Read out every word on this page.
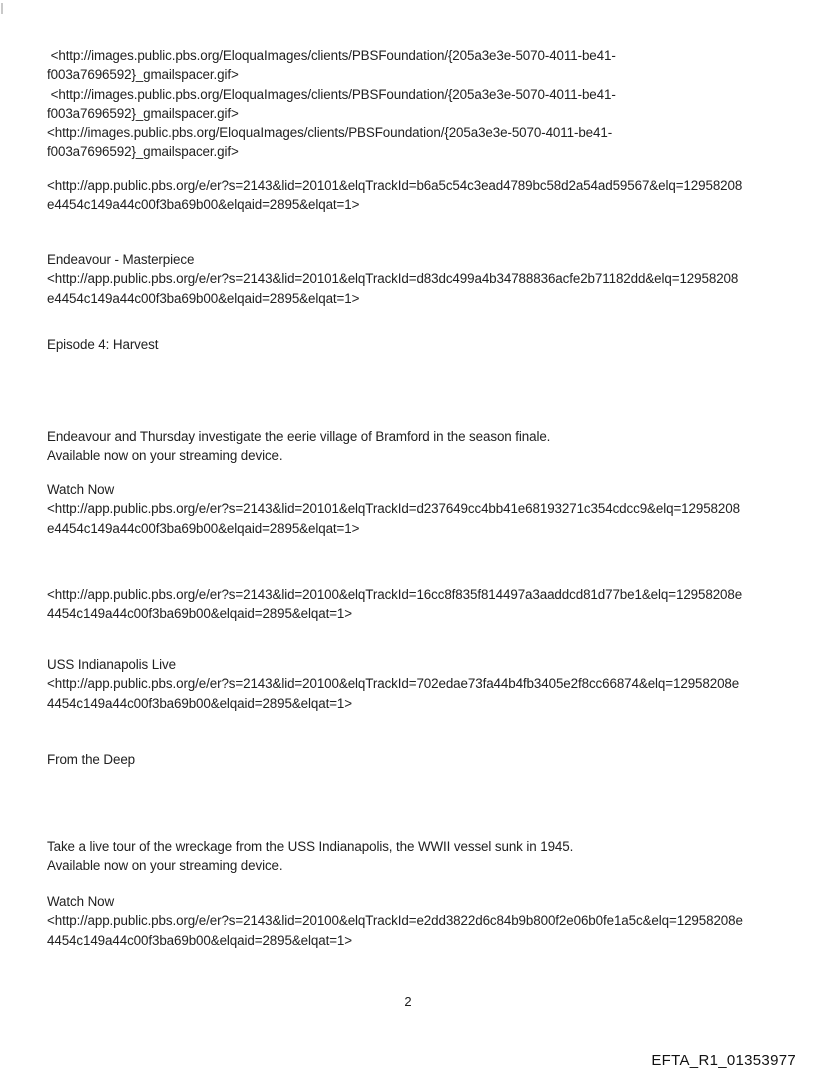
<http://images.public.pbs.org/EloquaImages/clients/PBSFoundation/{205a3e3e-5070-4011-be41-
f003a7696592}_gmailspacer.gif>
<http://images.public.pbs.org/EloquaImages/clients/PBSFoundation/{205a3e3e-5070-4011-be41-
f003a7696592}_gmailspacer.gif>
<http://images.public.pbs.org/EloquaImages/clients/PBSFoundation/{205a3e3e-5070-4011-be41-
f003a7696592}_gmailspacer.gif>
<http://app.public.pbs.org/e/er?s=2143&lid=20101&elqTrackId=b6a5c54c3ead4789bc58d2a54ad59567&elq=12958208
e4454c149a44c00f3ba69b00&elqaid=2895&elqat=1>
Endeavour - Masterpiece
<http://app.public.pbs.org/e/er?s=2143&lid=20101&elqTrackId=d83dc499a4b34788836acfe2b71182dd&elq=12958208
e4454c149a44c00f3ba69b00&elqaid=2895&elqat=1>
Episode 4: Harvest
Endeavour and Thursday investigate the eerie village of Bramford in the season finale.
Available now on your streaming device.
Watch Now
<http://app.public.pbs.org/e/er?s=2143&lid=20101&elqTrackId=d237649cc4bb41e68193271c354cdcc9&elq=12958208
e4454c149a44c00f3ba69b00&elqaid=2895&elqat=1>
<http://app.public.pbs.org/e/er?s=2143&lid=20100&elqTrackId=16cc8f835f814497a3aaddcd81d77be1&elq=12958208e
4454c149a44c00f3ba69b00&elqaid=2895&elqat=1>
USS Indianapolis Live
<http://app.public.pbs.org/e/er?s=2143&lid=20100&elqTrackId=702edae73fa44b4fb3405e2f8cc66874&elq=12958208e
4454c149a44c00f3ba69b00&elqaid=2895&elqat=1>
From the Deep
Take a live tour of the wreckage from the USS Indianapolis, the WWII vessel sunk in 1945.
Available now on your streaming device.
Watch Now
<http://app.public.pbs.org/e/er?s=2143&lid=20100&elqTrackId=e2dd3822d6c84b9b800f2e06b0fe1a5c&elq=12958208e
4454c149a44c00f3ba69b00&elqaid=2895&elqat=1>
2
EFTA_R1_01353977
